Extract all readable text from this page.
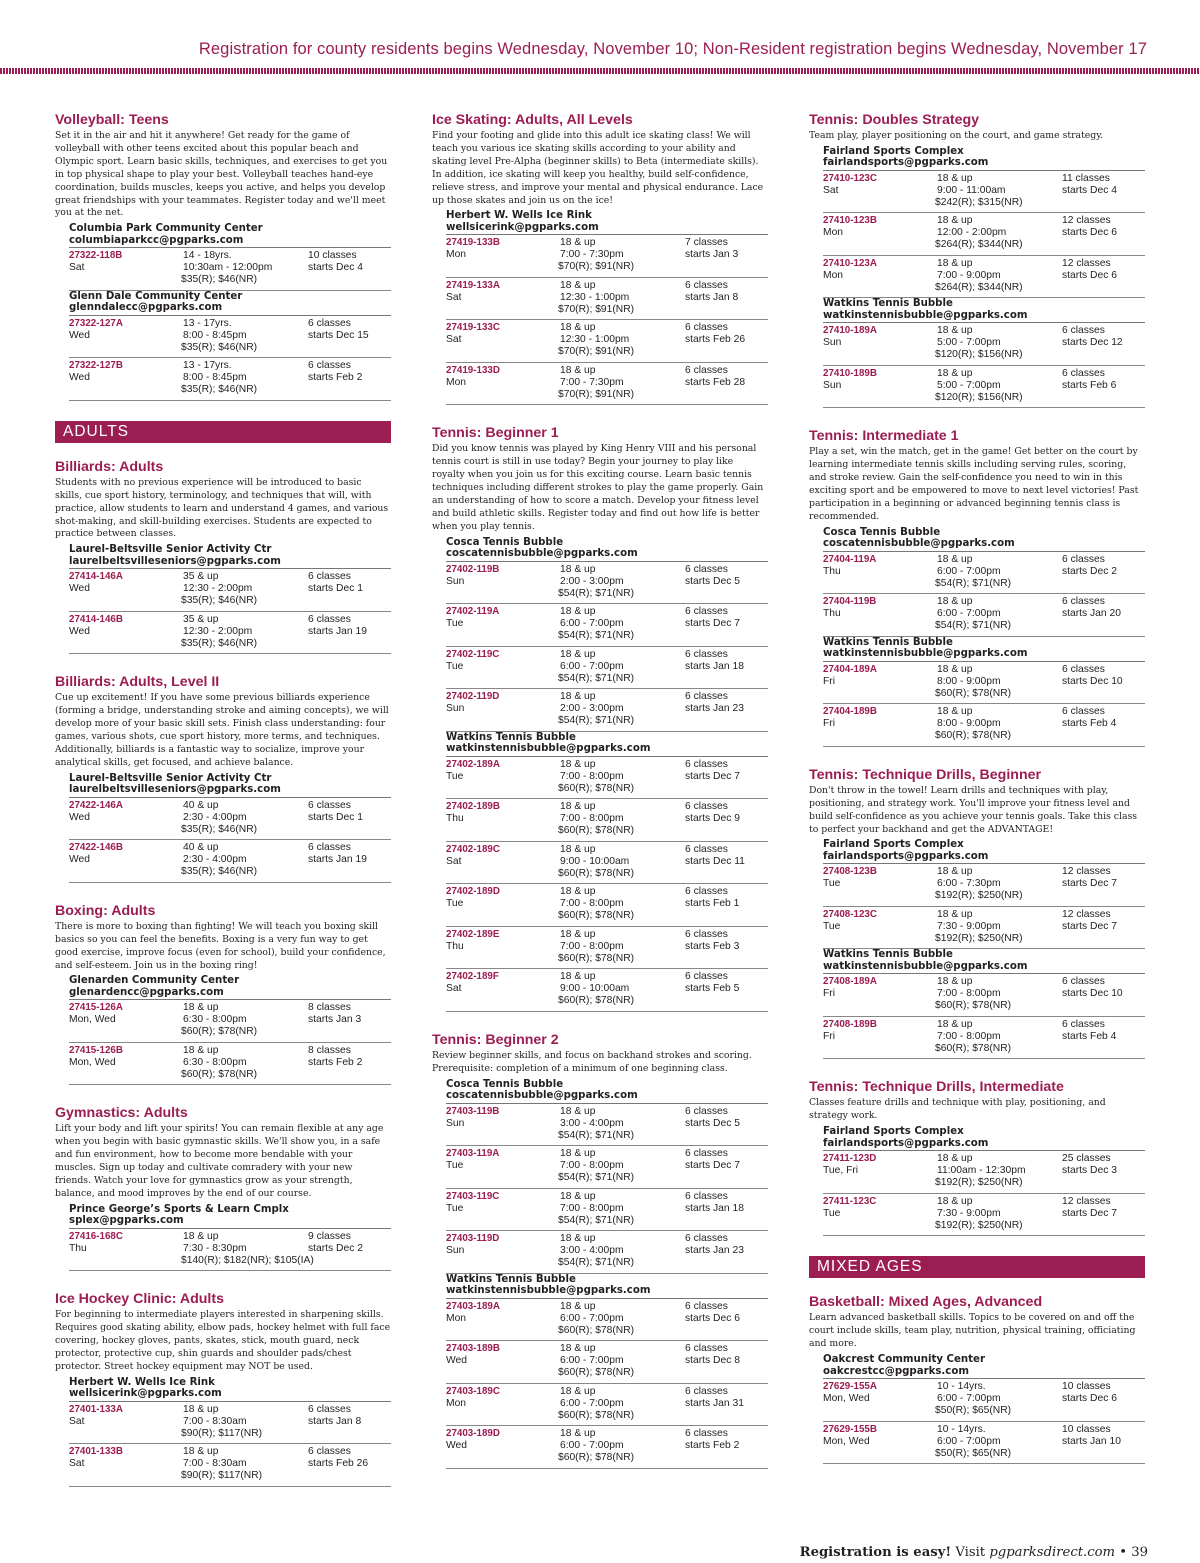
Registration for county residents begins Wednesday, November 10; Non-Resident registration begins Wednesday, November 17
Volleyball: Teens
Set it in the air and hit it anywhere! Get ready for the game of volleyball with other teens excited about this popular beach and Olympic sport. Learn basic skills, techniques, and exercises to get you in top physical shape to play your best. Volleyball teaches hand-eye coordination, builds muscles, keeps you active, and helps you develop great friendships with your teammates. Register today and we'll meet you at the net.
Columbia Park Community Center
columbiaparkcc@pgparks.com
27322-118B
Sat
14 - 18yrs.
10:30am - 12:00pm
$35(R); $46(NR)
10 classes
starts Dec 4
Glenn Dale Community Center
glenndalecc@pgparks.com
27322-127A
Wed
13 - 17yrs.
8:00 - 8:45pm
$35(R); $46(NR)
6 classes
starts Dec 15
27322-127B
Wed
13 - 17yrs.
8:00 - 8:45pm
$35(R); $46(NR)
6 classes
starts Feb 2
ADULTS
Billiards: Adults
Students with no previous experience will be introduced to basic skills, cue sport history, terminology, and techniques that will, with practice, allow students to learn and understand 4 games, and various shot-making, and skill-building exercises. Students are expected to practice between classes.
Laurel-Beltsville Senior Activity Ctr
laurelbeltsvilleseniors@pgparks.com
27414-146A
Wed
35 & up
12:30 - 2:00pm
$35(R); $46(NR)
6 classes
starts Dec 1
27414-146B
Wed
35 & up
12:30 - 2:00pm
$35(R); $46(NR)
6 classes
starts Jan 19
Billiards: Adults, Level II
Cue up excitement! If you have some previous billiards experience (forming a bridge, understanding stroke and aiming concepts), we will develop more of your basic skill sets. Finish class understanding: four games, various shots, cue sport history, more terms, and techniques. Additionally, billiards is a fantastic way to socialize, improve your analytical skills, get focused, and achieve balance.
Laurel-Beltsville Senior Activity Ctr
laurelbeltsvilleseniors@pgparks.com
27422-146A
Wed
40 & up
2:30 - 4:00pm
$35(R); $46(NR)
6 classes
starts Dec 1
27422-146B
Wed
40 & up
2:30 - 4:00pm
$35(R); $46(NR)
6 classes
starts Jan 19
Boxing: Adults
There is more to boxing than fighting! We will teach you boxing skill basics so you can feel the benefits. Boxing is a very fun way to get good exercise, improve focus (even for school), build your confidence, and self-esteem. Join us in the boxing ring!
Glenarden Community Center
glenardencc@pgparks.com
27415-126A
Mon, Wed
18 & up
6:30 - 8:00pm
$60(R); $78(NR)
8 classes
starts Jan 3
27415-126B
Mon, Wed
18 & up
6:30 - 8:00pm
$60(R); $78(NR)
8 classes
starts Feb 2
Gymnastics: Adults
Lift your body and lift your spirits! You can remain flexible at any age when you begin with basic gymnastic skills. We'll show you, in a safe and fun environment, how to become more bendable with your muscles. Sign up today and cultivate comradery with your new friends. Watch your love for gymnastics grow as your strength, balance, and mood improves by the end of our course.
Prince George’s Sports & Learn Cmplx
splex@pgparks.com
27416-168C
Thu
18 & up
7:30 - 8:30pm
$140(R); $182(NR); $105(IA)
9 classes
starts Dec 2
Ice Hockey Clinic: Adults
For beginning to intermediate players interested in sharpening skills. Requires good skating ability, elbow pads, hockey helmet with full face covering, hockey gloves, pants, skates, stick, mouth guard, neck protector, protective cup, shin guards and shoulder pads/chest protector. Street hockey equipment may NOT be used.
Herbert W. Wells Ice Rink
wellsicerink@pgparks.com
27401-133A
Sat
18 & up
7:00 - 8:30am
$90(R); $117(NR)
6 classes
starts Jan 8
27401-133B
Sat
18 & up
7:00 - 8:30am
$90(R); $117(NR)
6 classes
starts Feb 26
Ice Skating: Adults, All Levels
Find your footing and glide into this adult ice skating class! We will teach you various ice skating skills according to your ability and skating level Pre-Alpha (beginner skills) to Beta (intermediate skills). In addition, ice skating will keep you healthy, build self-confidence, relieve stress, and improve your mental and physical endurance. Lace up those skates and join us on the ice!
Herbert W. Wells Ice Rink
wellsicerink@pgparks.com
27419-133B
Mon
18 & up
7:00 - 7:30pm
$70(R); $91(NR)
7 classes
starts Jan 3
27419-133A
Sat
18 & up
12:30 - 1:00pm
$70(R); $91(NR)
6 classes
starts Jan 8
27419-133C
Sat
18 & up
12:30 - 1:00pm
$70(R); $91(NR)
6 classes
starts Feb 26
27419-133D
Mon
18 & up
7:00 - 7:30pm
$70(R); $91(NR)
6 classes
starts Feb 28
Tennis: Beginner 1
Did you know tennis was played by King Henry VIII and his personal tennis court is still in use today? Begin your journey to play like royalty when you join us for this exciting course. Learn basic tennis techniques including different strokes to play the game properly. Gain an understanding of how to score a match. Develop your fitness level and build athletic skills. Register today and find out how life is better when you play tennis.
Cosca Tennis Bubble
coscatennisbubble@pgparks.com
27402-119B
Sun
18 & up
2:00 - 3:00pm
$54(R); $71(NR)
6 classes
starts Dec 5
27402-119A
Tue
18 & up
6:00 - 7:00pm
$54(R); $71(NR)
6 classes
starts Dec 7
27402-119C
Tue
18 & up
6:00 - 7:00pm
$54(R); $71(NR)
6 classes
starts Jan 18
27402-119D
Sun
18 & up
2:00 - 3:00pm
$54(R); $71(NR)
6 classes
starts Jan 23
Watkins Tennis Bubble
watkinstennisbubble@pgparks.com
27402-189A
Tue
18 & up
7:00 - 8:00pm
$60(R); $78(NR)
6 classes
starts Dec 7
27402-189B
Thu
18 & up
7:00 - 8:00pm
$60(R); $78(NR)
6 classes
starts Dec 9
27402-189C
Sat
18 & up
9:00 - 10:00am
$60(R); $78(NR)
6 classes
starts Dec 11
27402-189D
Tue
18 & up
7:00 - 8:00pm
$60(R); $78(NR)
6 classes
starts Feb 1
27402-189E
Thu
18 & up
7:00 - 8:00pm
$60(R); $78(NR)
6 classes
starts Feb 3
27402-189F
Sat
18 & up
9:00 - 10:00am
$60(R); $78(NR)
6 classes
starts Feb 5
Tennis: Beginner 2
Review beginner skills, and focus on backhand strokes and scoring. Prerequisite: completion of a minimum of one beginning class.
Cosca Tennis Bubble
coscatennisbubble@pgparks.com
27403-119B
Sun
18 & up
3:00 - 4:00pm
$54(R); $71(NR)
6 classes
starts Dec 5
27403-119A
Tue
18 & up
7:00 - 8:00pm
$54(R); $71(NR)
6 classes
starts Dec 7
27403-119C
Tue
18 & up
7:00 - 8:00pm
$54(R); $71(NR)
6 classes
starts Jan 18
27403-119D
Sun
18 & up
3:00 - 4:00pm
$54(R); $71(NR)
6 classes
starts Jan 23
Watkins Tennis Bubble
watkinstennisbubble@pgparks.com
27403-189A
Mon
18 & up
6:00 - 7:00pm
$60(R); $78(NR)
6 classes
starts Dec 6
27403-189B
Wed
18 & up
6:00 - 7:00pm
$60(R); $78(NR)
6 classes
starts Dec 8
27403-189C
Mon
18 & up
6:00 - 7:00pm
$60(R); $78(NR)
6 classes
starts Jan 31
27403-189D
Wed
18 & up
6:00 - 7:00pm
$60(R); $78(NR)
6 classes
starts Feb 2
Tennis: Doubles Strategy
Team play, player positioning on the court, and game strategy.
Fairland Sports Complex
fairlandsports@pgparks.com
27410-123C
Sat
18 & up
9:00 - 11:00am
$242(R); $315(NR)
11 classes
starts Dec 4
27410-123B
Mon
18 & up
12:00 - 2:00pm
$264(R); $344(NR)
12 classes
starts Dec 6
27410-123A
Mon
18 & up
7:00 - 9:00pm
$264(R); $344(NR)
12 classes
starts Dec 6
Watkins Tennis Bubble
watkinstennisbubble@pgparks.com
27410-189A
Sun
18 & up
5:00 - 7:00pm
$120(R); $156(NR)
6 classes
starts Dec 12
27410-189B
Sun
18 & up
5:00 - 7:00pm
$120(R); $156(NR)
6 classes
starts Feb 6
Tennis: Intermediate 1
Play a set, win the match, get in the game! Get better on the court by learning intermediate tennis skills including serving rules, scoring, and stroke review. Gain the self-confidence you need to win in this exciting sport and be empowered to move to next level victories! Past participation in a beginning or advanced beginning tennis class is recommended.
Cosca Tennis Bubble
coscatennisbubble@pgparks.com
27404-119A
Thu
18 & up
6:00 - 7:00pm
$54(R); $71(NR)
6 classes
starts Dec 2
27404-119B
Thu
18 & up
6:00 - 7:00pm
$54(R); $71(NR)
6 classes
starts Jan 20
Watkins Tennis Bubble
watkinstennisbubble@pgparks.com
27404-189A
Fri
18 & up
8:00 - 9:00pm
$60(R); $78(NR)
6 classes
starts Dec 10
27404-189B
Fri
18 & up
8:00 - 9:00pm
$60(R); $78(NR)
6 classes
starts Feb 4
Tennis: Technique Drills, Beginner
Don't throw in the towel! Learn drills and techniques with play, positioning, and strategy work. You'll improve your fitness level and build self-confidence as you achieve your tennis goals. Take this class to perfect your backhand and get the ADVANTAGE!
Fairland Sports Complex
fairlandsports@pgparks.com
27408-123B
Tue
18 & up
6:00 - 7:30pm
$192(R); $250(NR)
12 classes
starts Dec 7
27408-123C
Tue
18 & up
7:30 - 9:00pm
$192(R); $250(NR)
12 classes
starts Dec 7
Watkins Tennis Bubble
watkinstennisbubble@pgparks.com
27408-189A
Fri
18 & up
7:00 - 8:00pm
$60(R); $78(NR)
6 classes
starts Dec 10
27408-189B
Fri
18 & up
7:00 - 8:00pm
$60(R); $78(NR)
6 classes
starts Feb 4
Tennis: Technique Drills, Intermediate
Classes feature drills and technique with play, positioning, and strategy work.
Fairland Sports Complex
fairlandsports@pgparks.com
27411-123D
Tue, Fri
18 & up
11:00am - 12:30pm
$192(R); $250(NR)
25 classes
starts Dec 3
27411-123C
Tue
18 & up
7:30 - 9:00pm
$192(R); $250(NR)
12 classes
starts Dec 7
MIXED AGES
Basketball: Mixed Ages, Advanced
Learn advanced basketball skills. Topics to be covered on and off the court include skills, team play, nutrition, physical training, officiating and more.
Oakcrest Community Center
oakcrestcc@pgparks.com
27629-155A
Mon, Wed
10 - 14yrs.
6:00 - 7:00pm
$50(R); $65(NR)
10 classes
starts Dec 6
27629-155B
Mon, Wed
10 - 14yrs.
6:00 - 7:00pm
$50(R); $65(NR)
10 classes
starts Jan 10
Registration is easy! Visit pgparksdirect.com • 39
